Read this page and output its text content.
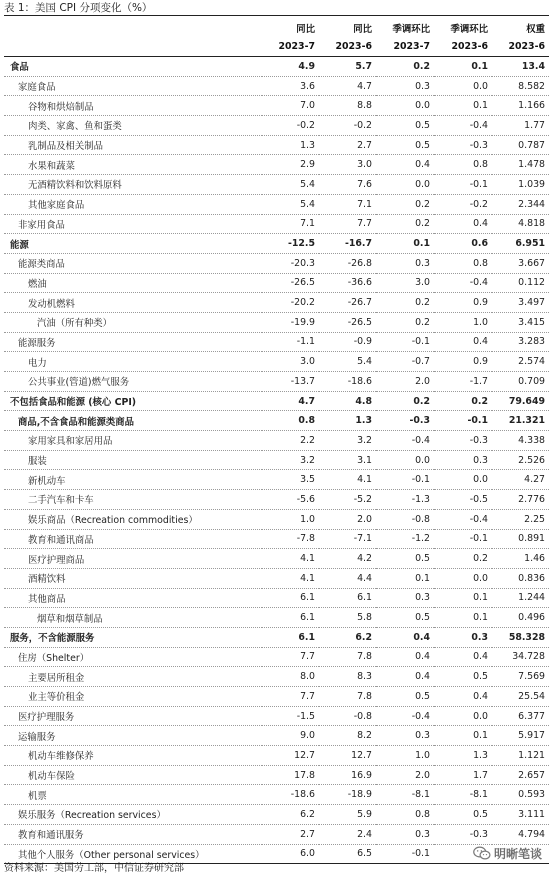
表 1：美国 CPI 分项变化（%）
	同比	同比	季调环比	季调环比	权重
	2023-7	2023-6	2023-7	2023-6	2023-6
食品	4.9	5.7	0.2	0.1	13.4
家庭食品	3.6	4.7	0.3	0.0	8.582
谷物和烘焙制品	7.0	8.8	0.0	0.1	1.166
肉类、家禽、鱼和蛋类	-0.2	-0.2	0.5	-0.4	1.77
乳制品及相关制品	1.3	2.7	0.5	-0.3	0.787
水果和蔬菜	2.9	3.0	0.4	0.8	1.478
无酒精饮料和饮料原料	5.4	7.6	0.0	-0.1	1.039
其他家庭食品	5.4	7.1	0.2	-0.2	2.344
非家用食品	7.1	7.7	0.2	0.4	4.818
能源	-12.5	-16.7	0.1	0.6	6.951
能源类商品	-20.3	-26.8	0.3	0.8	3.667
燃油	-26.5	-36.6	3.0	-0.4	0.112
发动机燃料	-20.2	-26.7	0.2	0.9	3.497
汽油（所有种类）	-19.9	-26.5	0.2	1.0	3.415
能源服务	-1.1	-0.9	-0.1	0.4	3.283
电力	3.0	5.4	-0.7	0.9	2.574
公共事业(管道)燃气服务	-13.7	-18.6	2.0	-1.7	0.709
不包括食品和能源 (核心 CPI)	4.7	4.8	0.2	0.2	79.649
商品,不含食品和能源类商品	0.8	1.3	-0.3	-0.1	21.321
家用家具和家居用品	2.2	3.2	-0.4	-0.3	4.338
服装	3.2	3.1	0.0	0.3	2.526
新机动车	3.5	4.1	-0.1	0.0	4.27
二手汽车和卡车	-5.6	-5.2	-1.3	-0.5	2.776
娱乐商品（Recreation commodities）	1.0	2.0	-0.8	-0.4	2.25
教育和通讯商品	-7.8	-7.1	-1.2	-0.1	0.891
医疗护理商品	4.1	4.2	0.5	0.2	1.46
酒精饮料	4.1	4.4	0.1	0.0	0.836
其他商品	6.1	6.1	0.3	0.1	1.244
烟草和烟草制品	6.1	5.8	0.5	0.1	0.496
服务，不含能源服务	6.1	6.2	0.4	0.3	58.328
住房（Shelter）	7.7	7.8	0.4	0.4	34.728
主要居所租金	8.0	8.3	0.4	0.5	7.569
业主等价租金	7.7	7.8	0.5	0.4	25.54
医疗护理服务	-1.5	-0.8	-0.4	0.0	6.377
运输服务	9.0	8.2	0.3	0.1	5.917
机动车维修保养	12.7	12.7	1.0	1.3	1.121
机动车保险	17.8	16.9	2.0	1.7	2.657
机票	-18.6	-18.9	-8.1	-8.1	0.593
娱乐服务（Recreation services）	6.2	5.9	0.8	0.5	3.111
教育和通讯服务	2.7	2.4	0.3	-0.3	4.794
其他个人服务（Other personal services）	6.0	6.5	-0.1		
资料来源：美国劳工部，中信证券研究部
明晰笔谈
